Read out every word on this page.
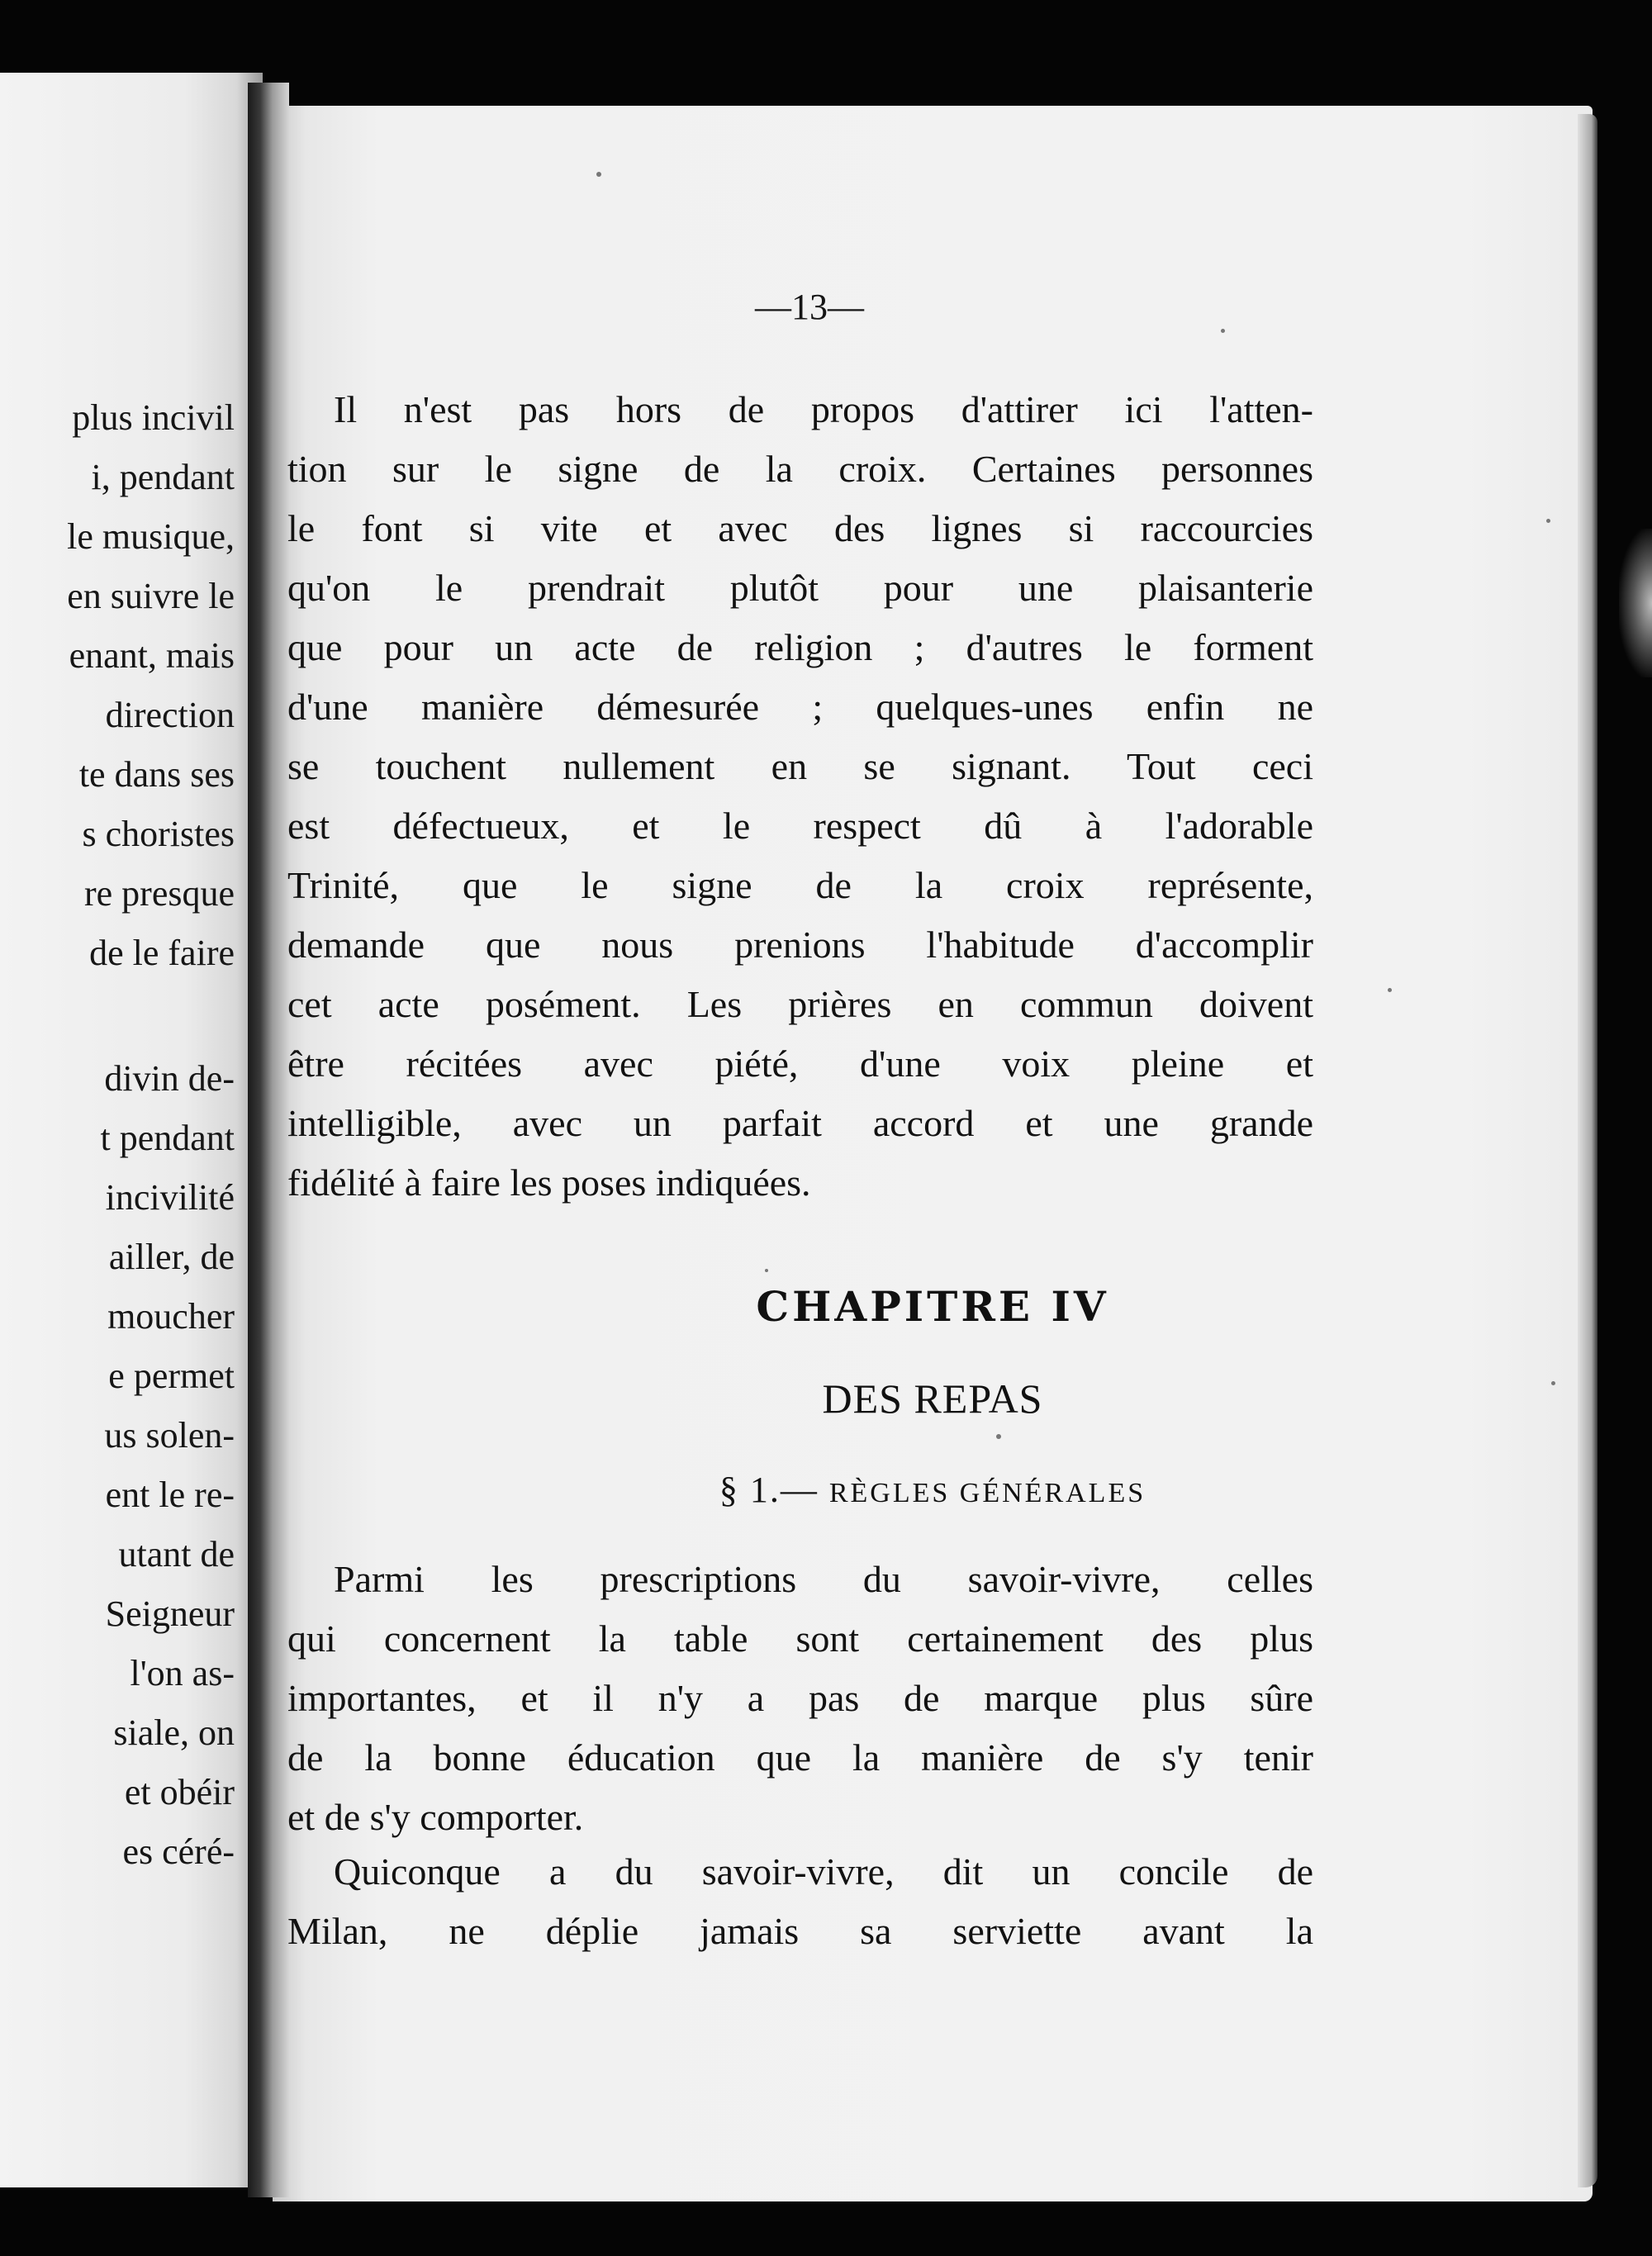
plus incivil
i, pendant
le musique,
en suivre le
enant, mais
direction
te dans ses
s choristes
re presque
de le faire
divin de-
t pendant
incivilité
ailler, de
moucher
e permet
us solen-
ent le re-
utant de
Seigneur
l'on as-
siale, on
et obéir
es céré-
—13—
Il n'est pas hors de propos d'attirer ici l'atten-
tion sur le signe de la croix. Certaines personnes
le font si vite et avec des lignes si raccourcies
qu'on le prendrait plutôt pour une plaisanterie
que pour un acte de religion ; d'autres le forment
d'une manière démesurée ; quelques-unes enfin ne
se touchent nullement en se signant. Tout ceci
est défectueux, et le respect dû à l'adorable
Trinité, que le signe de la croix représente,
demande que nous prenions l'habitude d'accomplir
cet acte posément. Les prières en commun doivent
être récitées avec piété, d'une voix pleine et
intelligible, avec un parfait accord et une grande
fidélité à faire les poses indiquées.
CHAPITRE IV
DES REPAS
§ 1.— RÈGLES GÉNÉRALES
Parmi les prescriptions du savoir-vivre, celles
qui concernent la table sont certainement des plus
importantes, et il n'y a pas de marque plus sûre
de la bonne éducation que la manière de s'y tenir
et de s'y comporter.
Quiconque a du savoir-vivre, dit un concile de
Milan, ne déplie jamais sa serviette avant la
